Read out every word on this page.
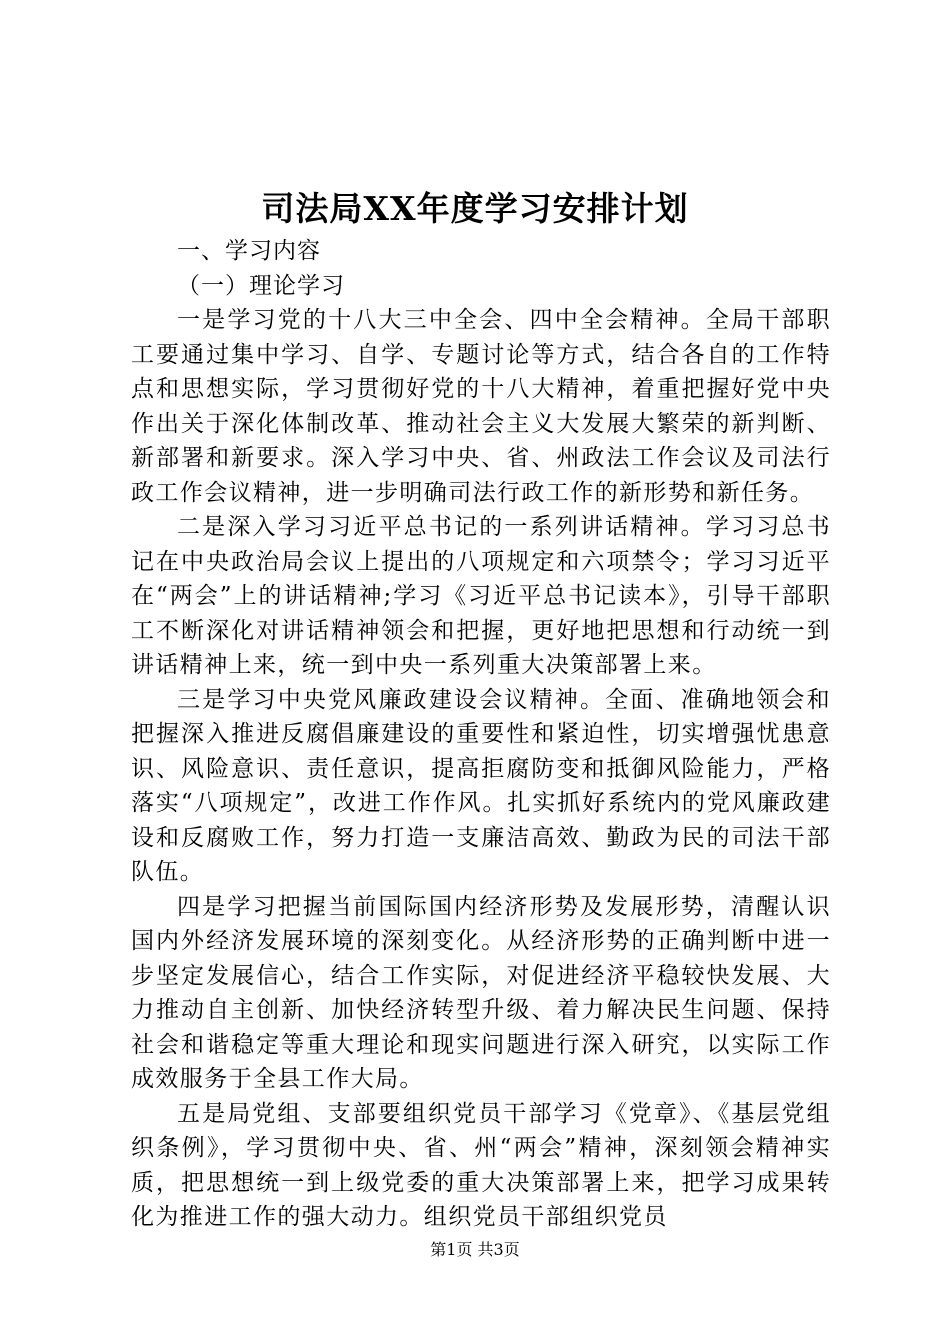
司法局XX年度学习安排计划

一、学习内容

（一）理论学习

一是学习党的十八大三中全会、四中全会精神。全局干部职工要通过集中学习、自学、专题讨论等方式，结合各自的工作特点和思想实际，学习贯彻好党的十八大精神，着重把握好党中央作出关于深化体制改革、推动社会主义大发展大繁荣的新判断、新部署和新要求。深入学习中央、省、州政法工作会议及司法行政工作会议精神，进一步明确司法行政工作的新形势和新任务。

二是深入学习习近平总书记的一系列讲话精神。学习习总书记在中央政治局会议上提出的八项规定和六项禁令；学习习近平在“两会”上的讲话精神;学习《习近平总书记读本》，引导干部职工不断深化对讲话精神领会和把握，更好地把思想和行动统一到讲话精神上来，统一到中央一系列重大决策部署上来。

三是学习中央党风廉政建设会议精神。全面、准确地领会和把握深入推进反腐倡廉建设的重要性和紧迫性，切实增强忧患意识、风险意识、责任意识，提高拒腐防变和抵御风险能力，严格落实“八项规定”，改进工作作风。扎实抓好系统内的党风廉政建设和反腐败工作，努力打造一支廉洁高效、勤政为民的司法干部队伍。

四是学习把握当前国际国内经济形势及发展形势，清醒认识国内外经济发展环境的深刻变化。从经济形势的正确判断中进一步坚定发展信心，结合工作实际，对促进经济平稳较快发展、大力推动自主创新、加快经济转型升级、着力解决民生问题、保持社会和谐稳定等重大理论和现实问题进行深入研究，以实际工作成效服务于全县工作大局。

五是局党组、支部要组织党员干部学习《党章》、《基层党组织条例》，学习贯彻中央、省、州“两会”精神，深刻领会精神实质，把思想统一到上级党委的重大决策部署上来，把学习成果转化为推进工作的强大动力。组织党员干部组织党员

第1页 共3页
